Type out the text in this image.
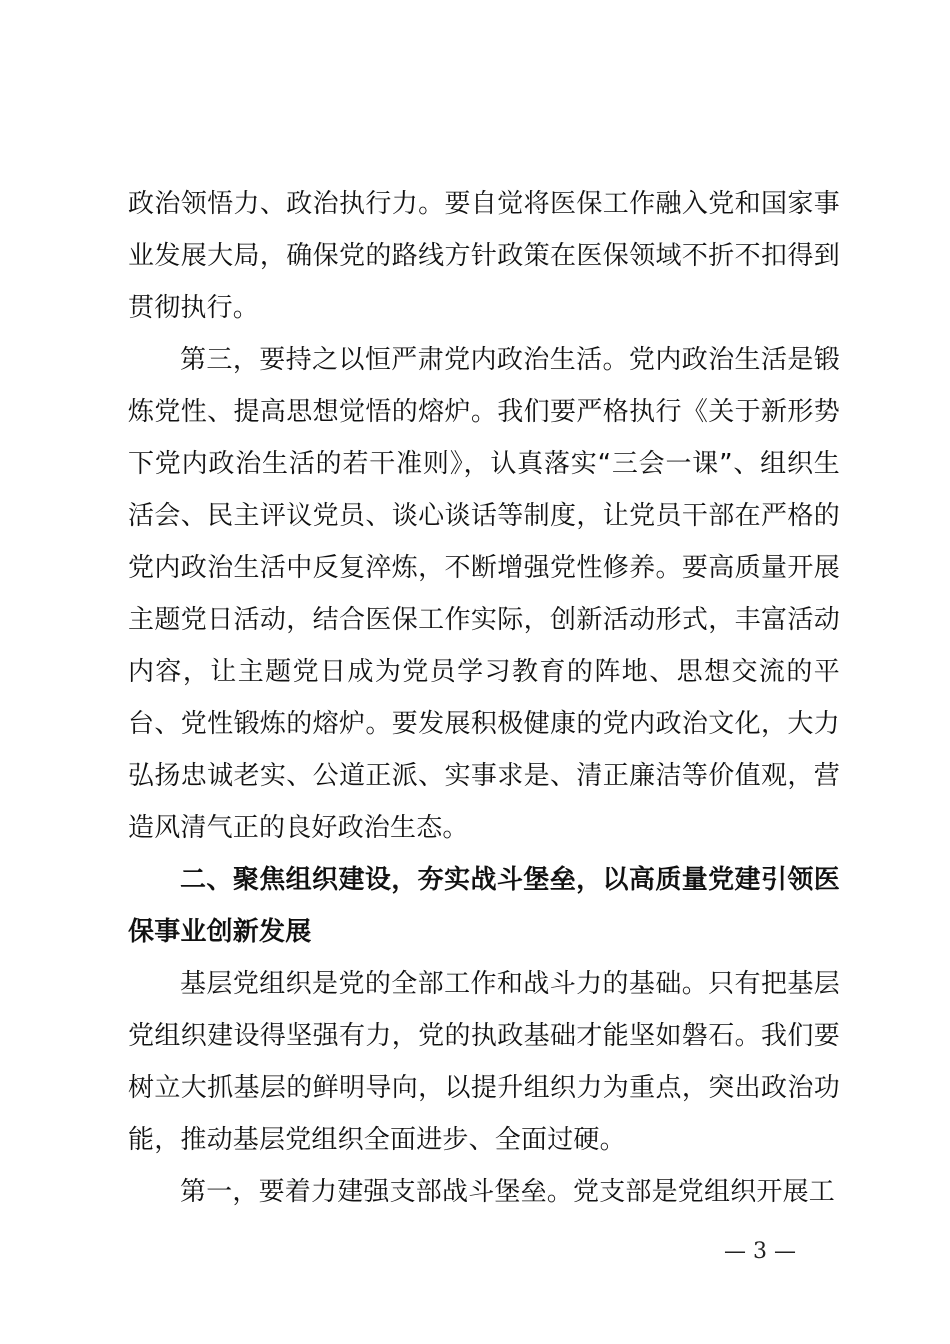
政治领悟力、政治执行力。要自觉将医保工作融入党和国家事业发展大局，确保党的路线方针政策在医保领域不折不扣得到贯彻执行。

第三，要持之以恒严肃党内政治生活。党内政治生活是锻炼党性、提高思想觉悟的熔炉。我们要严格执行《关于新形势下党内政治生活的若干准则》，认真落实“三会一课”、组织生活会、民主评议党员、谈心谈话等制度，让党员干部在严格的党内政治生活中反复淬炼，不断增强党性修养。要高质量开展主题党日活动，结合医保工作实际，创新活动形式，丰富活动内容，让主题党日成为党员学习教育的阵地、思想交流的平台、党性锻炼的熔炉。要发展积极健康的党内政治文化，大力弘扬忠诚老实、公道正派、实事求是、清正廉洁等价值观，营造风清气正的良好政治生态。

二、聚焦组织建设，夯实战斗堡垒，以高质量党建引领医保事业创新发展

基层党组织是党的全部工作和战斗力的基础。只有把基层党组织建设得坚强有力，党的执政基础才能坚如磐石。我们要树立大抓基层的鲜明导向，以提升组织力为重点，突出政治功能，推动基层党组织全面进步、全面过硬。

第一，要着力建强支部战斗堡垒。党支部是党组织开展工

— 3 —
